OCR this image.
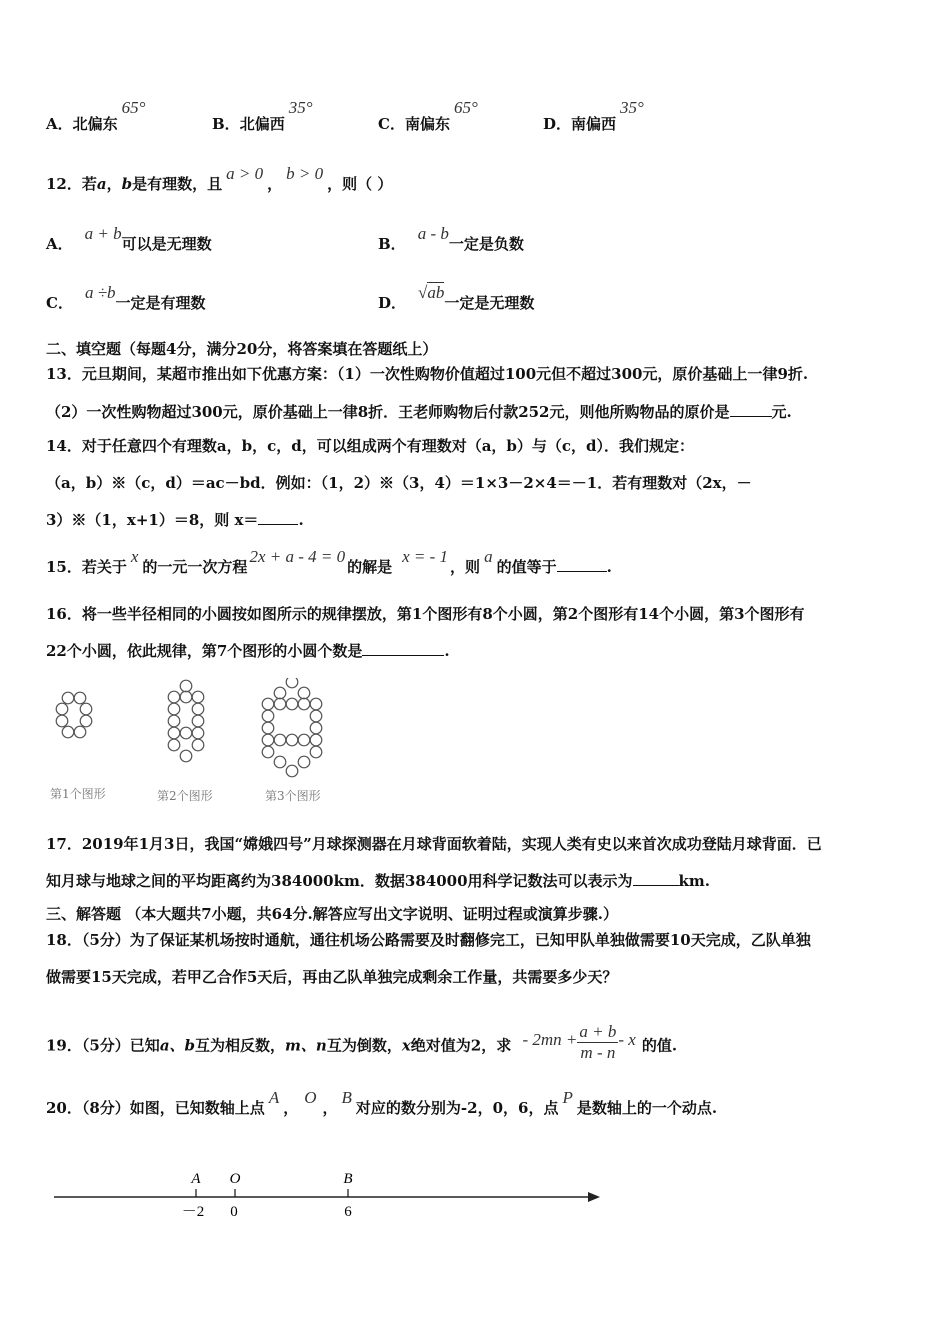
A．北偏东65°
B．北偏西35°
C．南偏东65°
D．南偏西35°
12．若a，b是有理数，且a > 0，b > 0，则（ ）
A．a + b可以是无理数	B．a - b一定是负数
C．a ÷b一定是有理数	D．√ab一定是无理数
二、填空题（每题4分，满分20分，将答案填在答题纸上）
13．元旦期间，某超市推出如下优惠方案：（1）一次性购物价值超过100元但不超过300元，原价基础上一律9折.
（2）一次性购物超过300元，原价基础上一律8折．王老师购物后付款252元，则他所购物品的原价是	元.
14．对于任意四个有理数a，b，c，d，可以组成两个有理数对（a，b）与（c，d）．我们规定：
（a，b）※（c，d）＝ac－bd．例如：（1，2）※（3，4）＝1×3－2×4＝－1．若有理数对（2x，－
3）※（1，x+1）＝8，则 x＝	.
15．若关于x的一元一次方程2x + a - 4 = 0的解是x = - 1，则a的值等于	.
16．将一些半径相同的小圆按如图所示的规律摆放，第1个图形有8个小圆，第2个图形有14个小圆，第3个图形有
22个小圆，依此规律，第7个图形的小圆个数是	.
第1个图形	第2个图形	第3个图形
17．2019年1月3日，我国“嫦娥四号”月球探测器在月球背面软着陆，实现人类有史以来首次成功登陆月球背面．已
知月球与地球之间的平均距离约为384000km．数据384000用科学记数法可以表示为	km.
三、解答题 （本大题共7小题，共64分.解答应写出文字说明、证明过程或演算步骤.）
18．（5分）为了保证某机场按时通航，通往机场公路需要及时翻修完工，已知甲队单独做需要10天完成，乙队单独
做需要15天完成，若甲乙合作5天后，再由乙队单独完成剩余工作量，共需要多少天？
19．（5分）已知a、b互为相反数，m、n互为倒数，x绝对值为2，求 - $2mn + \frac{a + b}{m - n} - x$ 的值.
20．（8分）如图，已知数轴上点A，O，B对应的数分别为-2，0，6，点P是数轴上的一个动点.
A O	B
－2 0	6
